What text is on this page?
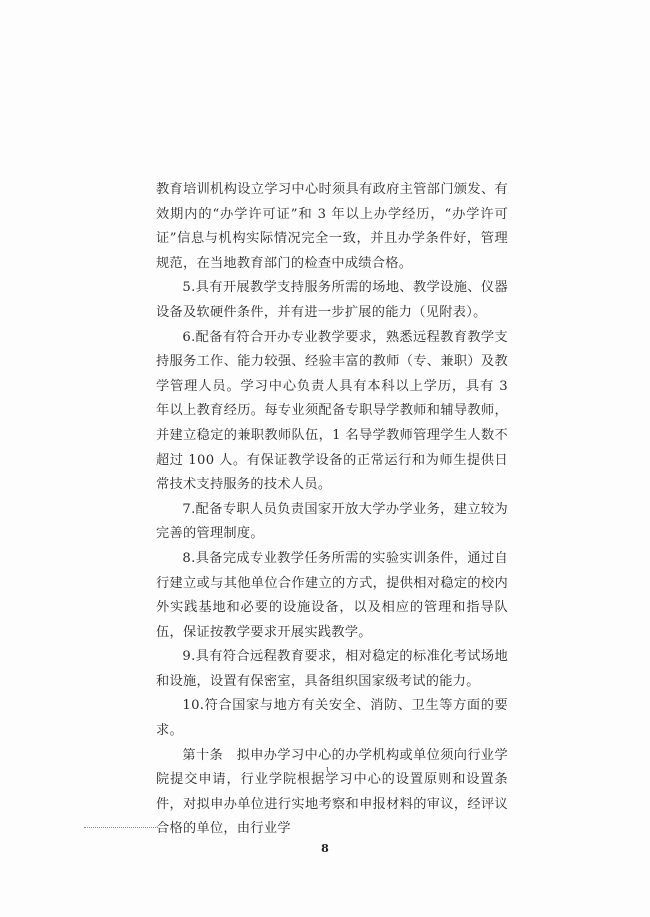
教育培训机构设立学习中心时须具有政府主管部门颁发、有效期内的“办学许可证”和 3 年以上办学经历，“办学许可证”信息与机构实际情况完全一致，并且办学条件好，管理规范，在当地教育部门的检查中成绩合格。

5.具有开展教学支持服务所需的场地、教学设施、仪器设备及软硬件条件，并有进一步扩展的能力（见附表）。

6.配备有符合开办专业教学要求，熟悉远程教育教学支持服务工作、能力较强、经验丰富的教师（专、兼职）及教学管理人员。学习中心负责人具有本科以上学历，具有 3 年以上教育经历。每专业须配备专职导学教师和辅导教师，并建立稳定的兼职教师队伍，1 名导学教师管理学生人数不超过 100 人。有保证教学设备的正常运行和为师生提供日常技术支持服务的技术人员。

7.配备专职人员负责国家开放大学办学业务，建立较为完善的管理制度。

8.具备完成专业教学任务所需的实验实训条件，通过自行建立或与其他单位合作建立的方式，提供相对稳定的校内外实践基地和必要的设施设备，以及相应的管理和指导队伍，保证按教学要求开展实践教学。

9.具有符合远程教育要求，相对稳定的标准化考试场地和设施，设置有保密室，具备组织国家级考试的能力。

10.符合国家与地方有关安全、消防、卫生等方面的要求。

第十条　拟申办学习中心的办学机构或单位须向行业学院提交申请，行业学院根据学习中心的设置原则和设置条件，对拟申办单位进行实地考察和申报材料的审议，经评议合格的单位，由行业学

ι
8
